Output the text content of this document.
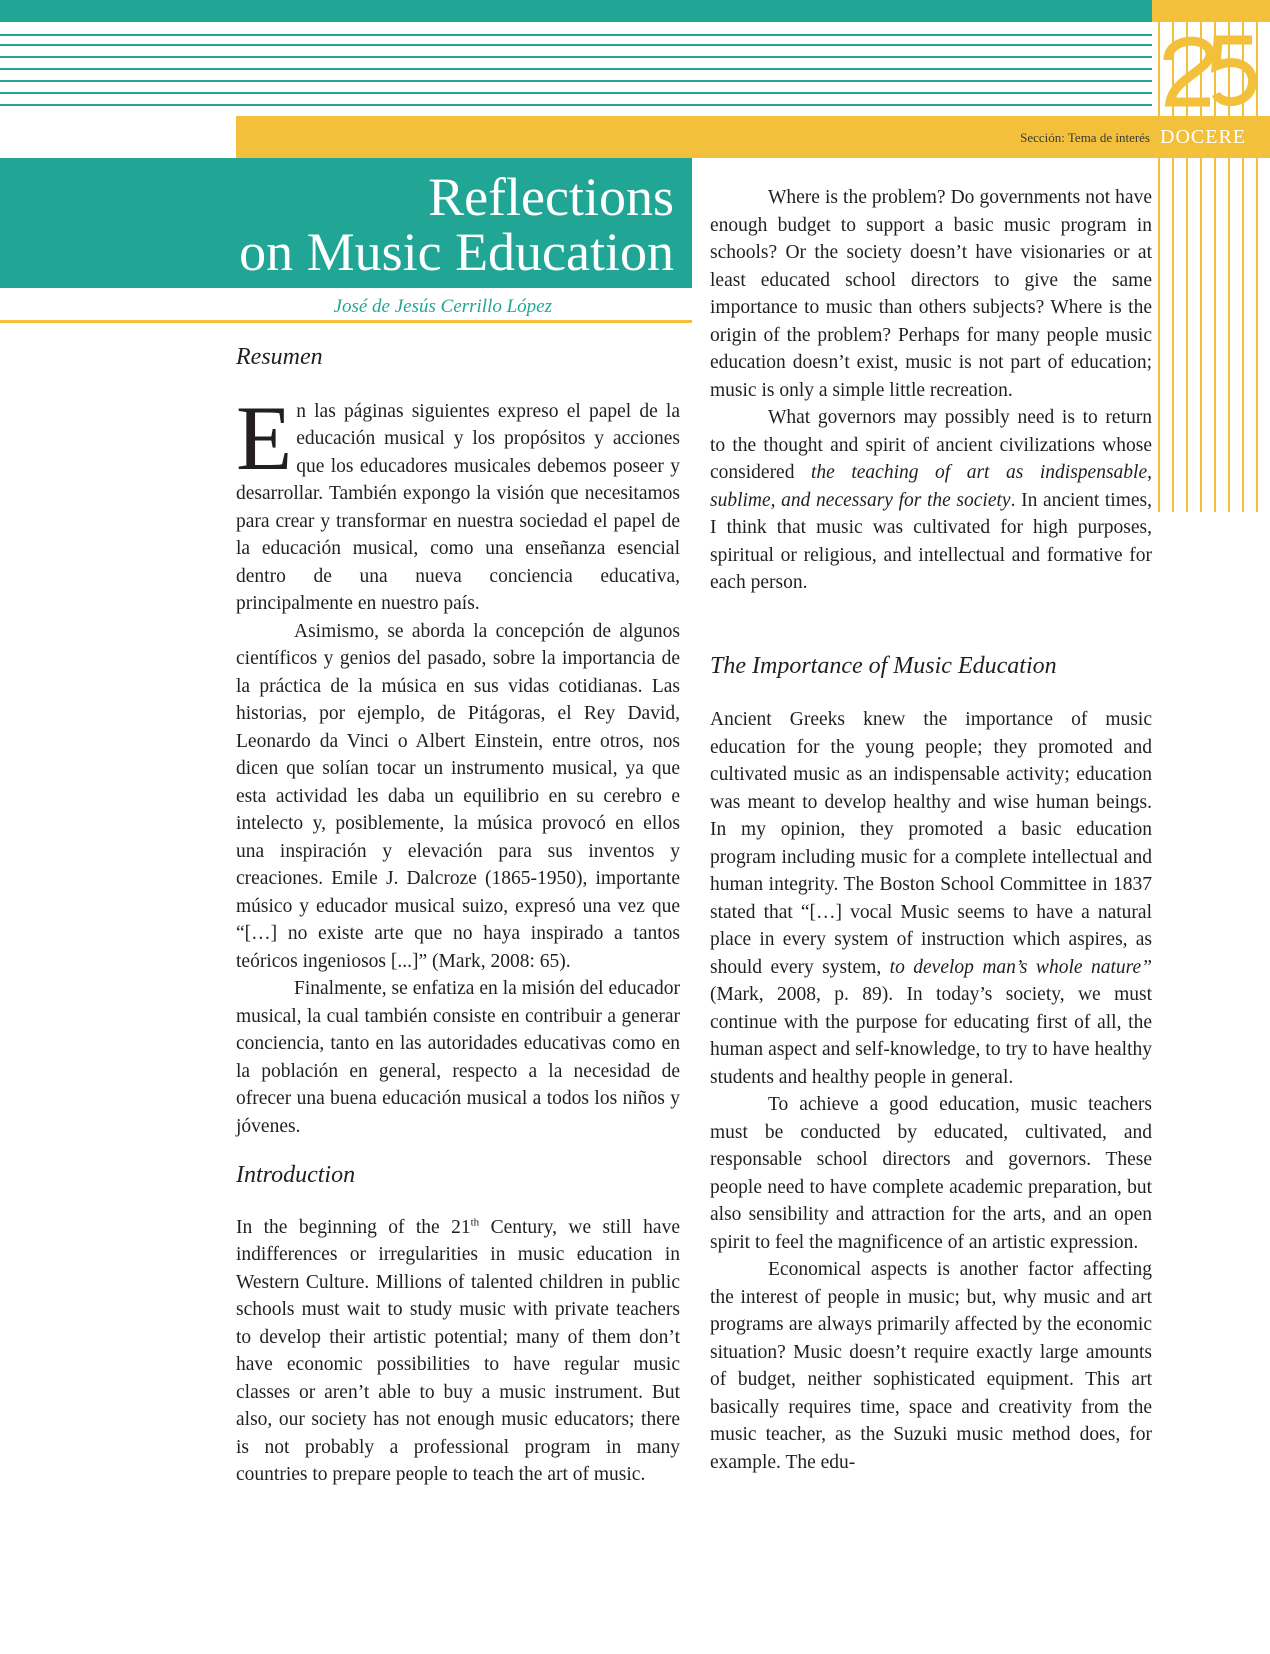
Sección: Tema de interés DOCERE
Reflections
on Music Education
José de Jesús Cerrillo López
Resumen

En las páginas siguientes expreso el papel de la educación musical y los propósitos y acciones que los educadores musicales debemos poseer y desarrollar. También expongo la visión que necesitamos para crear y transformar en nuestra sociedad el papel de la educación musical, como una enseñanza esencial dentro de una nueva conciencia educativa, principalmente en nuestro país.

Asimismo, se aborda la concepción de algunos científicos y genios del pasado, sobre la importancia de la práctica de la música en sus vidas cotidianas. Las historias, por ejemplo, de Pitágoras, el Rey David, Leonardo da Vinci o Albert Einstein, entre otros, nos dicen que solían tocar un instrumento musical, ya que esta actividad les daba un equilibrio en su cerebro e intelecto y, posiblemente, la música provocó en ellos una inspiración y elevación para sus inventos y creaciones. Emile J. Dalcroze (1865-1950), importante músico y educador musical suizo, expresó una vez que “[…] no existe arte que no haya inspirado a tantos teóricos ingeniosos [...]” (Mark, 2008: 65).

Finalmente, se enfatiza en la misión del educador musical, la cual también consiste en contribuir a generar conciencia, tanto en las autoridades educativas como en la población en general, respecto a la necesidad de ofrecer una buena educación musical a todos los niños y jóvenes.

Introduction

In the beginning of the 21th Century, we still have indifferences or irregularities in music education in Western Culture. Millions of talented children in public schools must wait to study music with private teachers to develop their artistic potential; many of them don’t have economic possibilities to have regular music classes or aren’t able to buy a music instrument. But also, our society has not enough music educators; there is not probably a professional program in many countries to prepare people to teach the art of music.

Where is the problem? Do governments not have enough budget to support a basic music program in schools? Or the society doesn’t have visionaries or at least educated school directors to give the same importance to music than others subjects? Where is the origin of the problem? Perhaps for many people music education doesn’t exist, music is not part of education; music is only a simple little recreation.

What governors may possibly need is to return to the thought and spirit of ancient civilizations whose considered the teaching of art as indispensable, sublime, and necessary for the society. In ancient times, I think that music was cultivated for high purposes, spiritual or religious, and intellectual and formative for each person.

The Importance of Music Education

Ancient Greeks knew the importance of music education for the young people; they promoted and cultivated music as an indispensable activity; education was meant to develop healthy and wise human beings. In my opinion, they promoted a basic education program including music for a complete intellectual and human integrity. The Boston School Committee in 1837 stated that “[…] vocal Music seems to have a natural place in every system of instruction which aspires, as should every system, to develop man’s whole nature” (Mark, 2008, p. 89). In today’s society, we must continue with the purpose for educating first of all, the human aspect and self-knowledge, to try to have healthy students and healthy people in general.

To achieve a good education, music teachers must be conducted by educated, cultivated, and responsable school directors and governors. These people need to have complete academic preparation, but also sensibility and attraction for the arts, and an open spirit to feel the magnificence of an artistic expression.

Economical aspects is another factor affecting the interest of people in music; but, why music and art programs are always primarily affected by the economic situation? Music doesn’t require exactly large amounts of budget, neither sophisticated equipment. This art basically requires time, space and creativity from the music teacher, as the Suzuki music method does, for example. The edu-
